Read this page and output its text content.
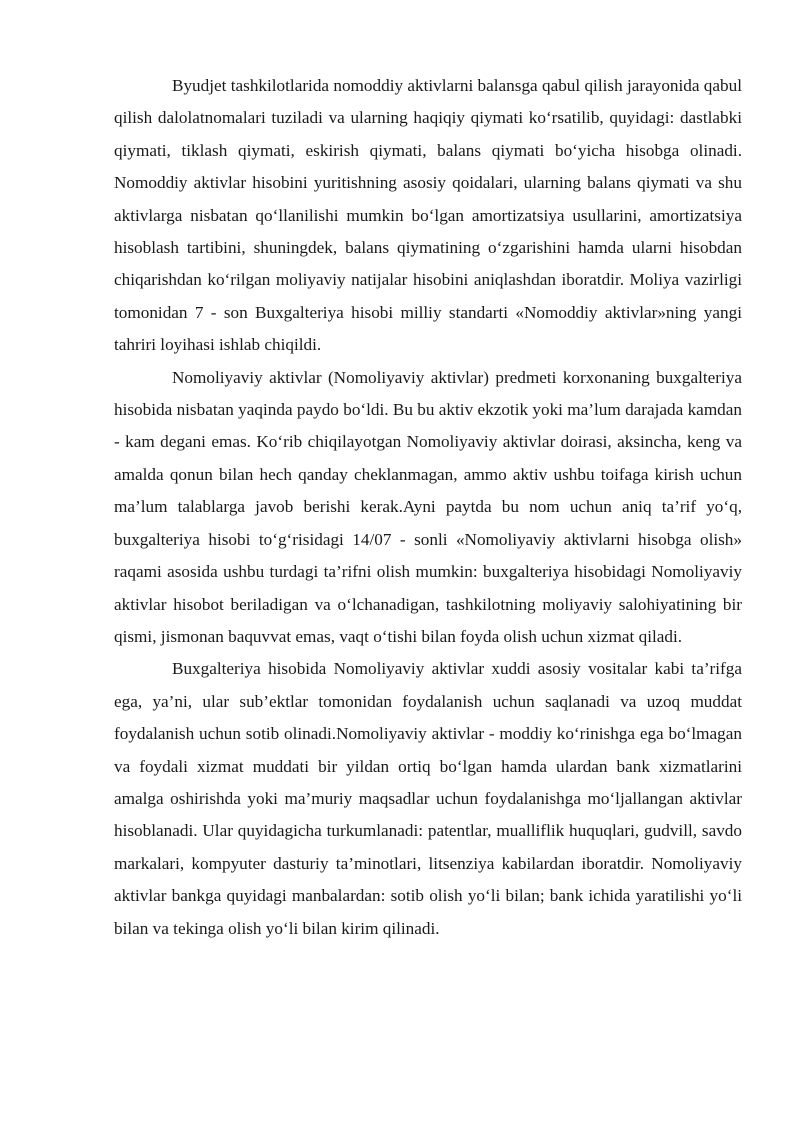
Byudjet tashkilotlarida nomoddiy aktivlarni balansga qabul qilish jarayonida qabul qilish dalolatnomalari tuziladi va ularning haqiqiy qiymati ko‘rsatilib, quyidagi: dastlabki qiymati, tiklash qiymati, eskirish qiymati, balans qiymati bo‘yicha hisobga olinadi. Nomoddiy aktivlar hisobini yuritishning asosiy qoidalari, ularning balans qiymati va shu aktivlarga nisbatan qo‘llanilishi mumkin bo‘lgan amortizatsiya usullarini, amortizatsiya hisoblash tartibini, shuningdek, balans qiymatining o‘zgarishini hamda ularni hisobdan chiqarishdan ko‘rilgan moliyaviy natijalar hisobini aniqlashdan iboratdir. Moliya vazirligi tomonidan 7 - son Buxgalteriya hisobi milliy standarti «Nomoddiy aktivlar»ning yangi tahriri loyihasi ishlab chiqildi.

Nomoliyaviy aktivlar (Nomoliyaviy aktivlar) predmeti korxonaning buxgalteriya hisobida nisbatan yaqinda paydo bo‘ldi. Bu bu aktiv ekzotik yoki ma’lum darajada kamdan - kam degani emas. Ko‘rib chiqilayotgan Nomoliyaviy aktivlar doirasi, aksincha, keng va amalda qonun bilan hech qanday cheklanmagan, ammo aktiv ushbu toifaga kirish uchun ma’lum talablarga javob berishi kerak.Ayni paytda bu nom uchun aniq ta’rif yo‘q, buxgalteriya hisobi to‘g‘risidagi 14/07 - sonli «Nomoliyaviy aktivlarni hisobga olish» raqami asosida ushbu turdagi ta’rifni olish mumkin: buxgalteriya hisobidagi Nomoliyaviy aktivlar hisobot beriladigan va o‘lchanadigan, tashkilotning moliyaviy salohiyatining bir qismi, jismonan baquvvat emas, vaqt o‘tishi bilan foyda olish uchun xizmat qiladi.

Buxgalteriya hisobida Nomoliyaviy aktivlar xuddi asosiy vositalar kabi ta’rifga ega, ya’ni, ular sub’ektlar tomonidan foydalanish uchun saqlanadi va uzoq muddat foydalanish uchun sotib olinadi.Nomoliyaviy aktivlar - moddiy ko‘rinishga ega bo‘lmagan va foydali xizmat muddati bir yildan ortiq bo‘lgan hamda ulardan bank xizmatlarini amalga oshirishda yoki ma’muriy maqsadlar uchun foydalanishga mo‘ljallangan aktivlar hisoblanadi. Ular quyidagicha turkumlanadi: patentlar, mualliflik huquqlari, gudvill, savdo markalari, kompyuter dasturiy ta’minotlari, litsenziya kabilardan iboratdir. Nomoliyaviy aktivlar bankga quyidagi manbalardan: sotib olish yo‘li bilan; bank ichida yaratilishi yo‘li bilan va tekinga olish yo‘li bilan kirim qilinadi.
